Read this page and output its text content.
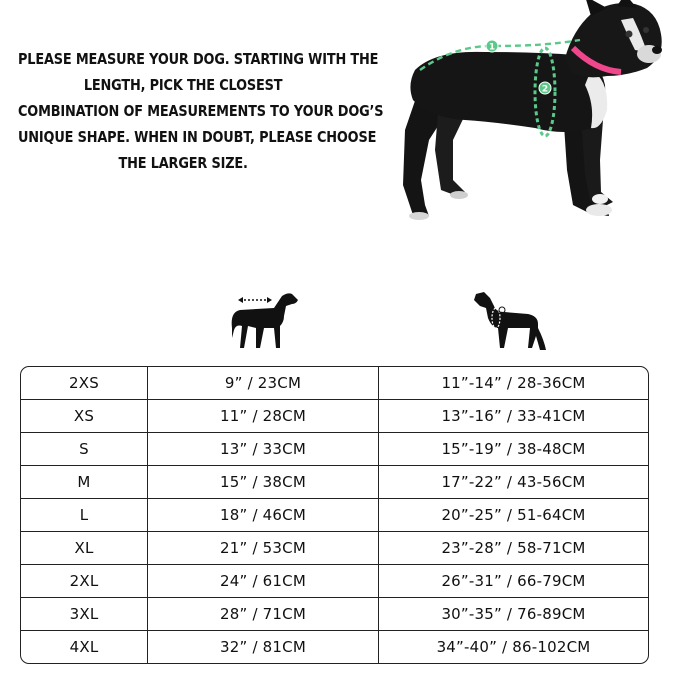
PLEASE MEASURE YOUR DOG. STARTING WITH THE
LENGTH, PICK THE CLOSEST
COMBINATION OF MEASUREMENTS TO YOUR DOG’S
UNIQUE SHAPE. WHEN IN DOUBT, PLEASE CHOOSE
THE LARGER SIZE.
1
2
2XS	9” / 23CM	11”-14” / 28-36CM
XS	11” / 28CM	13”-16” / 33-41CM
S	13” / 33CM	15”-19” / 38-48CM
M	15” / 38CM	17”-22” / 43-56CM
L	18” / 46CM	20”-25” / 51-64CM
XL	21” / 53CM	23”-28” / 58-71CM
2XL	24” / 61CM	26”-31” / 66-79CM
3XL	28” / 71CM	30”-35” / 76-89CM
4XL	32” / 81CM	34”-40” / 86-102CM
